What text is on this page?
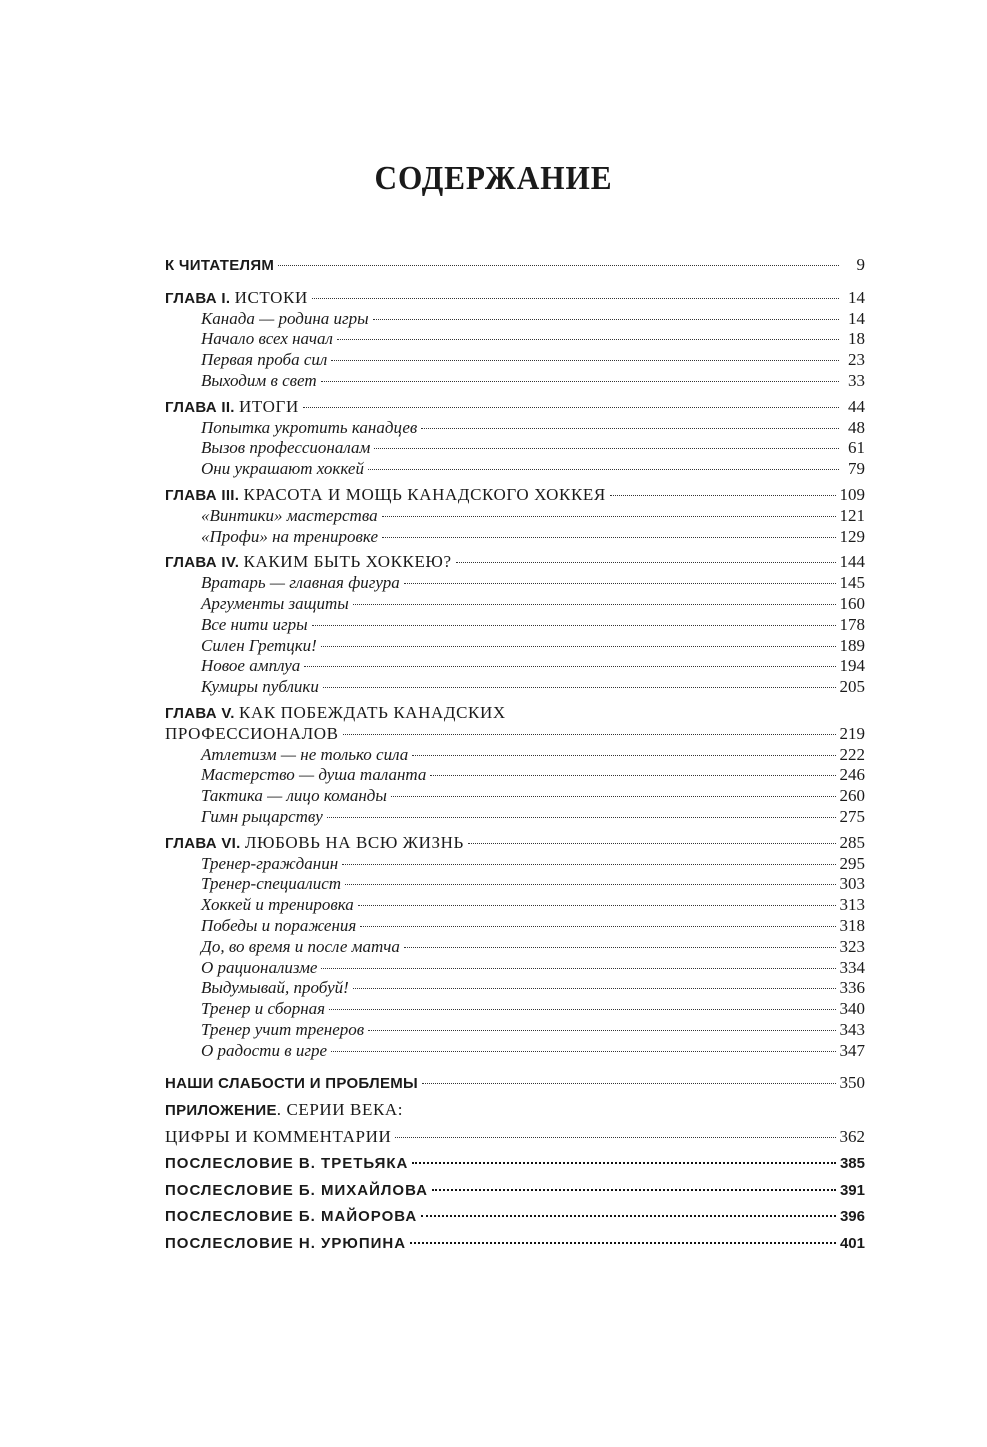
СОДЕРЖАНИЕ
К ЧИТАТЕЛЯМ	9
ГЛАВА I. ИСТОКИ	14
Канада — родина игры	14
Начало всех начал	18
Первая проба сил	23
Выходим в свет	33
ГЛАВА II. ИТОГИ	44
Попытка укротить канадцев	48
Вызов профессионалам	61
Они украшают хоккей	79
ГЛАВА III. КРАСОТА И МОЩЬ КАНАДСКОГО ХОККЕЯ	109
«Винтики» мастерства	121
«Профи» на тренировке	129
ГЛАВА IV. КАКИМ БЫТЬ ХОККЕЮ?	144
Вратарь — главная фигура	145
Аргументы защиты	160
Все нити игры	178
Силен Гретцки!	189
Новое амплуа	194
Кумиры публики	205
ГЛАВА V. КАК ПОБЕЖДАТЬ КАНАДСКИХ
ПРОФЕССИОНАЛОВ	219
Атлетизм — не только сила	222
Мастерство — душа таланта	246
Тактика — лицо команды	260
Гимн рыцарству	275
ГЛАВА VI. ЛЮБОВЬ НА ВСЮ ЖИЗНЬ	285
Тренер-гражданин	295
Тренер-специалист	303
Хоккей и тренировка	313
Победы и поражения	318
До, во время и после матча	323
О рационализме	334
Выдумывай, пробуй!	336
Тренер и сборная	340
Тренер учит тренеров	343
О радости в игре	347
НАШИ СЛАБОСТИ И ПРОБЛЕМЫ	350
ПРИЛОЖЕНИЕ. СЕРИИ ВЕКА:
ЦИФРЫ И КОММЕНТАРИИ	362
ПОСЛЕСЛОВИЕ В. ТРЕТЬЯКА	385
ПОСЛЕСЛОВИЕ Б. МИХАЙЛОВА	391
ПОСЛЕСЛОВИЕ Б. МАЙОРОВА	396
ПОСЛЕСЛОВИЕ Н. УРЮПИНА	401
